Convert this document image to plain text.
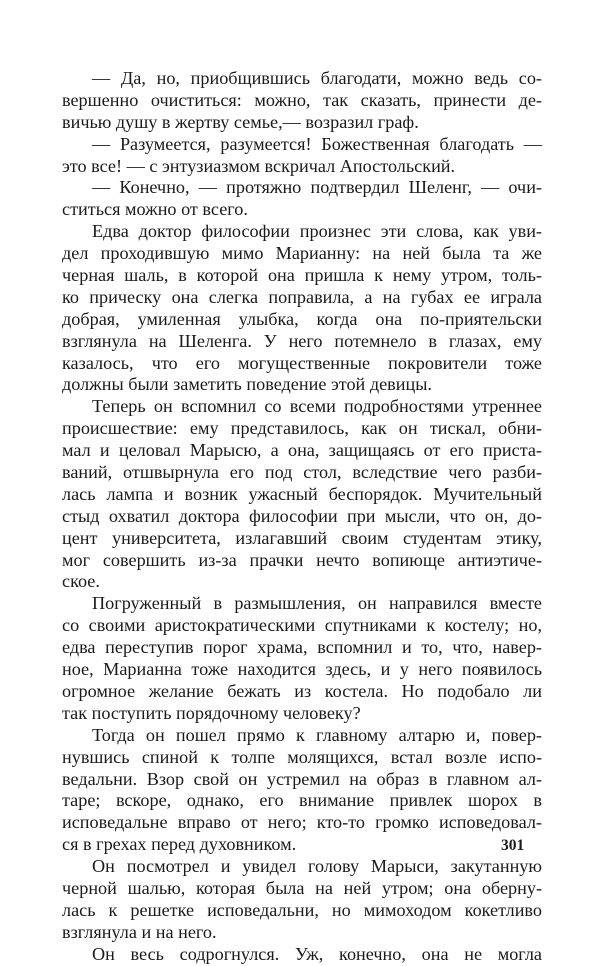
— Да, но, приобщившись благодати, можно ведь со-
вершенно очиститься: можно, так сказать, принести де-
вичью душу в жертву семье,— возразил граф.
— Разумеется, разумеется! Божественная благодать —
это все! — с энтузиазмом вскричал Апостольский.
— Конечно, — протяжно подтвердил Шеленг, — очи-
ститься можно от всего.
Едва доктор философии произнес эти слова, как уви-
дел проходившую мимо Марианну: на ней была та же
черная шаль, в которой она пришла к нему утром, толь-
ко прическу она слегка поправила, а на губах ее играла
добрая, умиленная улыбка, когда она по-приятельски
взглянула на Шеленга. У него потемнело в глазах, ему
казалось, что его могущественные покровители тоже
должны были заметить поведение этой девицы.
Теперь он вспомнил со всеми подробностями утреннее
происшествие: ему представилось, как он тискал, обни-
мал и целовал Марысю, а она, защищаясь от его приста-
ваний, отшвырнула его под стол, вследствие чего разби-
лась лампа и возник ужасный беспорядок. Мучительный
стыд охватил доктора философии при мысли, что он, до-
цент университета, излагавший своим студентам этику,
мог совершить из-за прачки нечто вопиюще антиэтиче-
ское.
Погруженный в размышления, он направился вместе
со своими аристократическими спутниками к костелу; но,
едва переступив порог храма, вспомнил и то, что, навер-
ное, Марианна тоже находится здесь, и у него появилось
огромное желание бежать из костела. Но подобало ли
так поступить порядочному человеку?
Тогда он пошел прямо к главному алтарю и, повер-
нувшись спиной к толпе молящихся, встал возле испо-
ведальни. Взор свой он устремил на образ в главном ал-
таре; вскоре, однако, его внимание привлек шорох в
исповедальне вправо от него; кто-то громко исповедовал-
ся в грехах перед духовником.
Он посмотрел и увидел голову Марыси, закутанную
черной шалью, которая была на ней утром; она оберну-
лась к решетке исповедальни, но мимоходом кокетливо
взглянула и на него.
Он весь содрогнулся. Уж, конечно, она не могла
301
